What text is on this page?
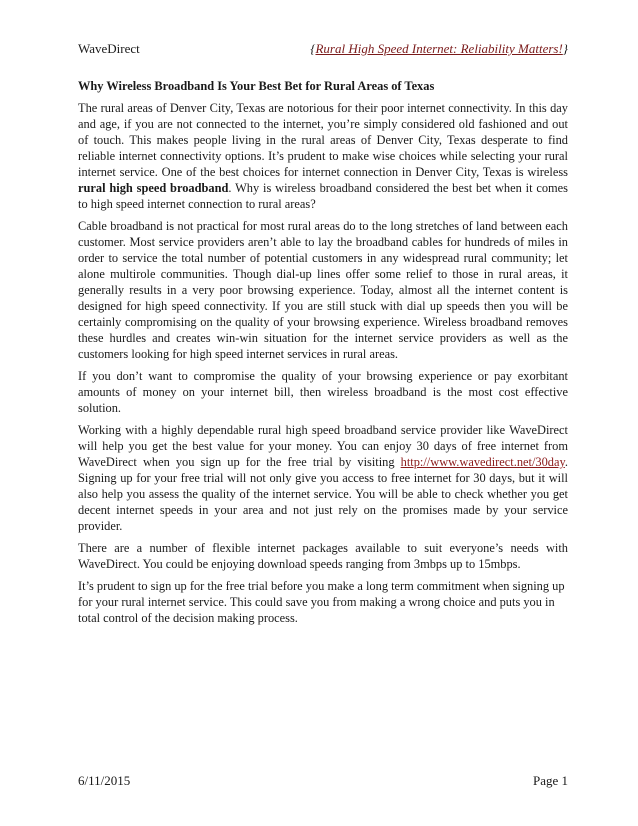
WaveDirect	{Rural High Speed Internet: Reliability Matters!}
Why Wireless Broadband Is Your Best Bet for Rural Areas of Texas

The rural areas of Denver City, Texas are notorious for their poor internet connectivity. In this day and age, if you are not connected to the internet, you’re simply considered old fashioned and out of touch. This makes people living in the rural areas of Denver City, Texas desperate to find reliable internet connectivity options. It’s prudent to make wise choices while selecting your rural internet service. One of the best choices for internet connection in Denver City, Texas is wireless rural high speed broadband. Why is wireless broadband considered the best bet when it comes to high speed internet connection to rural areas?

Cable broadband is not practical for most rural areas do to the long stretches of land between each customer. Most service providers aren’t able to lay the broadband cables for hundreds of miles in order to service the total number of potential customers in any widespread rural community; let alone multirole communities. Though dial-up lines offer some relief to those in rural areas, it generally results in a very poor browsing experience. Today, almost all the internet content is designed for high speed connectivity. If you are still stuck with dial up speeds then you will be certainly compromising on the quality of your browsing experience. Wireless broadband removes these hurdles and creates win-win situation for the internet service providers as well as the customers looking for high speed internet services in rural areas.

If you don’t want to compromise the quality of your browsing experience or pay exorbitant amounts of money on your internet bill, then wireless broadband is the most cost effective solution.

Working with a highly dependable rural high speed broadband service provider like WaveDirect will help you get the best value for your money. You can enjoy 30 days of free internet from WaveDirect when you sign up for the free trial by visiting http://www.wavedirect.net/30day. Signing up for your free trial will not only give you access to free internet for 30 days, but it will also help you assess the quality of the internet service. You will be able to check whether you get decent internet speeds in your area and not just rely on the promises made by your service provider.

There are a number of flexible internet packages available to suit everyone’s needs with WaveDirect. You could be enjoying download speeds ranging from 3mbps up to 15mbps.

It’s prudent to sign up for the free trial before you make a long term commitment when signing up for your rural internet service. This could save you from making a wrong choice and puts you in total control of the decision making process.

6/11/2015	Page 1
